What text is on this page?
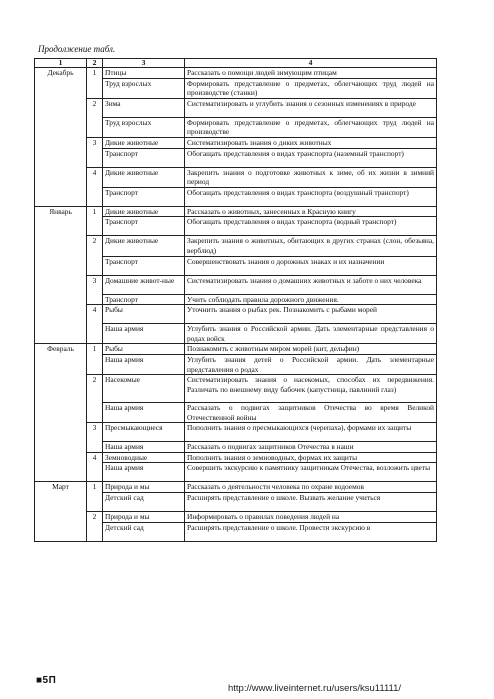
Продолжение табл.
1	2	3	4
Декабрь	1	Птицы	Рассказать о помощи людей зимующим птицам
		Труд взрослых	Формировать представление о предметах, облегчающих труд людей на производстве (станки)
	2	Зима	Систематизировать и углубить знания о сезонных изменениях в природе
		Труд взрослых	Формировать представление о предметах, облегчающих труд людей на производстве
	3	Дикие животные	Систематизировать знания о диких животных
		Транспорт	Обогащать представления о видах транспорта (наземный транспорт)
	4	Дикие животные	Закрепить знания о подготовке животных к зиме, об их жизни в зимний период
		Транспорт	Обогащать представления о видах транспорта (воздушный транспорт)
Январь	1	Дикие животные	Рассказать о животных, занесенных в Красную книгу
		Транспорт	Обогащать представления о видах транспорта (водный транспорт)
	2	Дикие животные	Закрепить знания о животных, обитающих в других странах (слон, обезьяна, верблюд)
		Транспорт	Совершенствовать знания о дорожных знаках и их назначении
	3	Домашние живот-ные	Систематизировать знания о домашних животных и заботе о них человека
		Транспорт	Учить соблюдать правила дорожного движения.
	4	Рыбы	Уточнить знания о рыбах рек. Познакомить с рыбами морей
		Наша армия	Углубить знания о Российской армии. Дать элементарные представления о родах войск
Февраль	1	Рыбы	Познакомить с животным миром морей (кит, дельфин)
		Наша армия	Углубить знания детей о Российской армии. Дать элементарные представления о родах
	2	Насекомые	Систематизировать знания о насекомых, способах их передвижения. Различать по внешнему виду бабочек (капустница, павлиний глаз)
		Наша армия	Рассказать о подвигах защитников Отечества во время Великой Отечественной войны
	3	Пресмыкающиеся	Пополнить знания о пресмыкающихся (черепаха), формами их защиты
		Наша армия	Рассказать о подвигах защитников Отечества в наши
	4	Земноводные	Пополнить знания о земноводных, формах их защиты
		Наша армия	Совершить экскурсию к памятнику защитникам Отечества, возложить цветы
Март	1	Природа и мы	Рассказать о деятельности человека по охране водоемов
		Детский сад	Расширять представление о школе. Вызвать желание учиться
	2	Природа и мы	Информировать о правилах поведения людей на
		Детский сад	Расширять представление о школе. Провести экскурсию в
■5П
http://www.liveinternet.ru/users/ksu11111/
